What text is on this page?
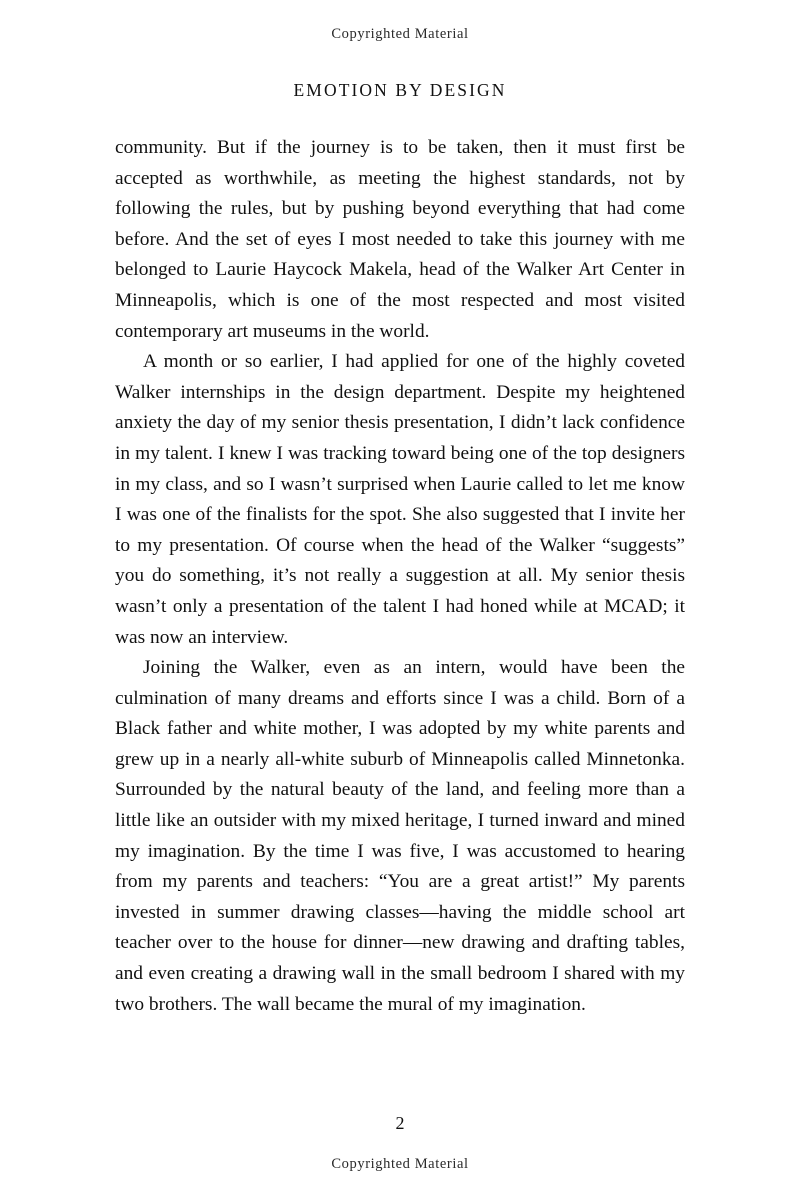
Copyrighted Material
EMOTION BY DESIGN

community. But if the journey is to be taken, then it must first be accepted as worthwhile, as meeting the highest standards, not by following the rules, but by pushing beyond everything that had come before. And the set of eyes I most needed to take this journey with me belonged to Laurie Haycock Makela, head of the Walker Art Center in Minneapolis, which is one of the most respected and most visited contemporary art museums in the world.

A month or so earlier, I had applied for one of the highly coveted Walker internships in the design department. Despite my heightened anxiety the day of my senior thesis presentation, I didn’t lack confidence in my talent. I knew I was tracking toward being one of the top designers in my class, and so I wasn’t surprised when Laurie called to let me know I was one of the finalists for the spot. She also suggested that I invite her to my presentation. Of course when the head of the Walker “suggests” you do something, it’s not really a suggestion at all. My senior thesis wasn’t only a presentation of the talent I had honed while at MCAD; it was now an interview.

Joining the Walker, even as an intern, would have been the culmination of many dreams and efforts since I was a child. Born of a Black father and white mother, I was adopted by my white parents and grew up in a nearly all-white suburb of Minneapolis called Minnetonka. Surrounded by the natural beauty of the land, and feeling more than a little like an outsider with my mixed heritage, I turned inward and mined my imagination. By the time I was five, I was accustomed to hearing from my parents and teachers: “You are a great artist!” My parents invested in summer drawing classes—having the middle school art teacher over to the house for dinner—new drawing and drafting tables, and even creating a drawing wall in the small bedroom I shared with my two brothers. The wall became the mural of my imagination.

2
Copyrighted Material
